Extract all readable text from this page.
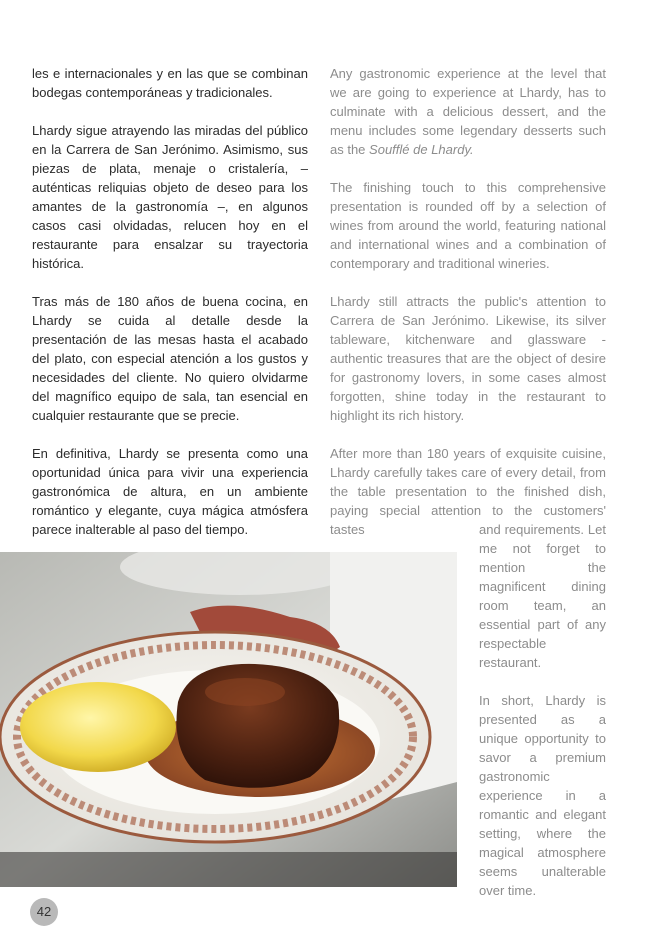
les e internacionales y en las que se combinan bodegas contemporáneas y tradicionales.

Lhardy sigue atrayendo las miradas del público en la Carrera de San Jerónimo. Asimismo, sus piezas de plata, menaje o cristalería, – auténticas reliquias objeto de deseo para los amantes de la gastronomía –, en algunos casos casi olvidadas, relucen hoy en el restaurante para ensalzar su trayectoria histórica.

Tras más de 180 años de buena cocina, en Lhardy se cuida al detalle desde la presentación de las mesas hasta el acabado del plato, con especial atención a los gustos y necesidades del cliente. No quiero olvidarme del magnífico equipo de sala, tan esencial en cualquier restaurante que se precie.

En definitiva, Lhardy se presenta como una oportunidad única para vivir una experiencia gastronómica de altura, en un ambiente romántico y elegante, cuya mágica atmósfera parece inalterable al paso del tiempo.

Any gastronomic experience at the level that we are going to experience at Lhardy, has to culminate with a delicious dessert, and the menu includes some legendary desserts such as the Soufflé de Lhardy.

The finishing touch to this comprehensive presentation is rounded off by a selection of wines from around the world, featuring national and international wines and a combination of contemporary and traditional wineries.

Lhardy still attracts the public's attention to Carrera de San Jerónimo. Likewise, its silver tableware, kitchenware and glassware - authentic treasures that are the object of desire for gastronomy lovers, in some cases almost forgotten, shine today in the restaurant to highlight its rich history.

After more than 180 years of exquisite cuisine, Lhardy carefully takes care of every detail, from the table presentation to the finished dish, paying special attention to the customers' tastes	and requirements. Let me not forget to mention the magnificent dining room team, an essential part of any respectable restaurant.

In short, Lhardy is presented as a unique opportunity to savor a premium gastronomic experience in a romantic and elegant setting, where the magical atmosphere seems unalterable over time.

42
